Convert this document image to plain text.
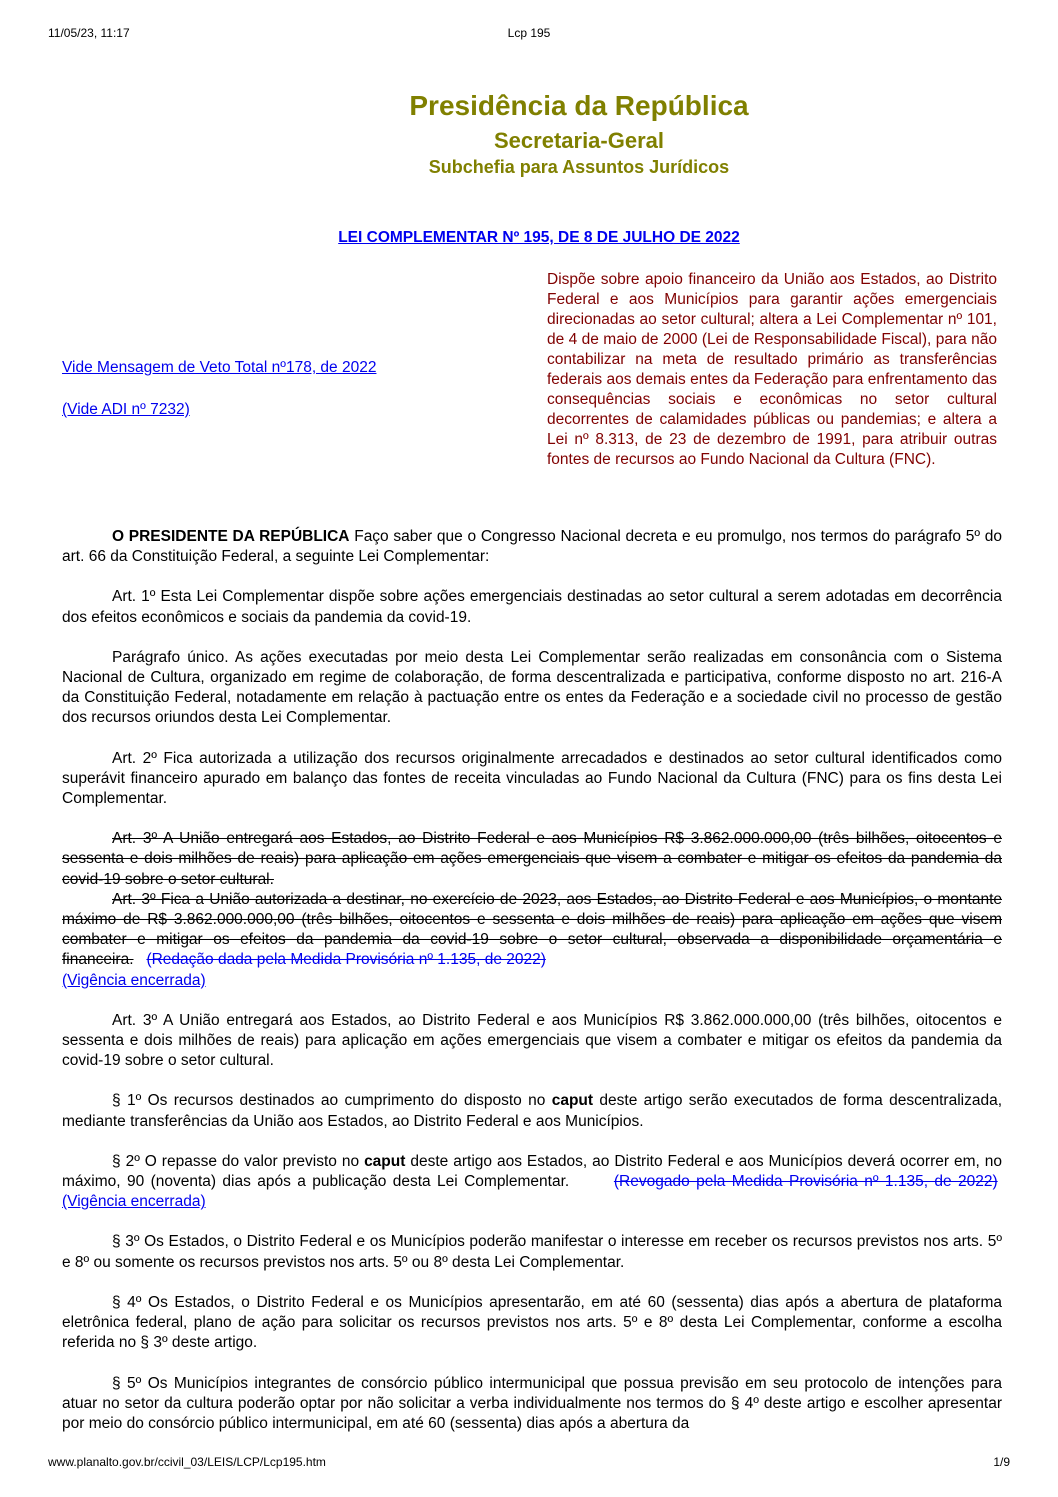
11/05/23, 11:17	Lcp 195
Presidência da República
Secretaria-Geral
Subchefia para Assuntos Jurídicos
LEI COMPLEMENTAR Nº 195, DE 8 DE JULHO DE 2022
Vide Mensagem de Veto Total nº178, de 2022
(Vide ADI nº 7232)
Dispõe sobre apoio financeiro da União aos Estados, ao Distrito Federal e aos Municípios para garantir ações emergenciais direcionadas ao setor cultural; altera a Lei Complementar nº 101, de 4 de maio de 2000 (Lei de Responsabilidade Fiscal), para não contabilizar na meta de resultado primário as transferências federais aos demais entes da Federação para enfrentamento das consequências sociais e econômicas no setor cultural decorrentes de calamidades públicas ou pandemias; e altera a Lei nº 8.313, de 23 de dezembro de 1991, para atribuir outras fontes de recursos ao Fundo Nacional da Cultura (FNC).

O PRESIDENTE DA REPÚBLICA Faço saber que o Congresso Nacional decreta e eu promulgo, nos termos do parágrafo 5º do art. 66 da Constituição Federal, a seguinte Lei Complementar:

Art. 1º Esta Lei Complementar dispõe sobre ações emergenciais destinadas ao setor cultural a serem adotadas em decorrência dos efeitos econômicos e sociais da pandemia da covid-19.

Parágrafo único. As ações executadas por meio desta Lei Complementar serão realizadas em consonância com o Sistema Nacional de Cultura, organizado em regime de colaboração, de forma descentralizada e participativa, conforme disposto no art. 216-A da Constituição Federal, notadamente em relação à pactuação entre os entes da Federação e a sociedade civil no processo de gestão dos recursos oriundos desta Lei Complementar.

Art. 2º Fica autorizada a utilização dos recursos originalmente arrecadados e destinados ao setor cultural identificados como superávit financeiro apurado em balanço das fontes de receita vinculadas ao Fundo Nacional da Cultura (FNC) para os fins desta Lei Complementar.

Art. 3º A União entregará aos Estados, ao Distrito Federal e aos Municípios R$ 3.862.000.000,00 (três bilhões, oitocentos e sessenta e dois milhões de reais) para aplicação em ações emergenciais que visem a combater e mitigar os efeitos da pandemia da covid-19 sobre o setor cultural.

Art. 3º Fica a União autorizada a destinar, no exercício de 2023, aos Estados, ao Distrito Federal e aos Municípios, o montante máximo de R$ 3.862.000.000,00 (três bilhões, oitocentos e sessenta e dois milhões de reais) para aplicação em ações que visem combater e mitigar os efeitos da pandemia da covid-19 sobre o setor cultural, observada a disponibilidade orçamentária e financeira. (Redação dada pela Medida Provisória nº 1.135, de 2022)
(Vigência encerrada)

Art. 3º A União entregará aos Estados, ao Distrito Federal e aos Municípios R$ 3.862.000.000,00 (três bilhões, oitocentos e sessenta e dois milhões de reais) para aplicação em ações emergenciais que visem a combater e mitigar os efeitos da pandemia da covid-19 sobre o setor cultural.

§ 1º Os recursos destinados ao cumprimento do disposto no caput deste artigo serão executados de forma descentralizada, mediante transferências da União aos Estados, ao Distrito Federal e aos Municípios.

§ 2º O repasse do valor previsto no caput deste artigo aos Estados, ao Distrito Federal e aos Municípios deverá ocorrer em, no máximo, 90 (noventa) dias após a publicação desta Lei Complementar.	(Revogado pela Medida Provisória nº 1.135, de 2022)  (Vigência encerrada)

§ 3º Os Estados, o Distrito Federal e os Municípios poderão manifestar o interesse em receber os recursos previstos nos arts. 5º e 8º ou somente os recursos previstos nos arts. 5º ou 8º desta Lei Complementar.

§ 4º Os Estados, o Distrito Federal e os Municípios apresentarão, em até 60 (sessenta) dias após a abertura de plataforma eletrônica federal, plano de ação para solicitar os recursos previstos nos arts. 5º e 8º desta Lei Complementar, conforme a escolha referida no § 3º deste artigo.

§ 5º Os Municípios integrantes de consórcio público intermunicipal que possua previsão em seu protocolo de intenções para atuar no setor da cultura poderão optar por não solicitar a verba individualmente nos termos do § 4º deste artigo e escolher apresentar por meio do consórcio público intermunicipal, em até 60 (sessenta) dias após a abertura da

www.planalto.gov.br/ccivil_03/LEIS/LCP/Lcp195.htm	1/9
